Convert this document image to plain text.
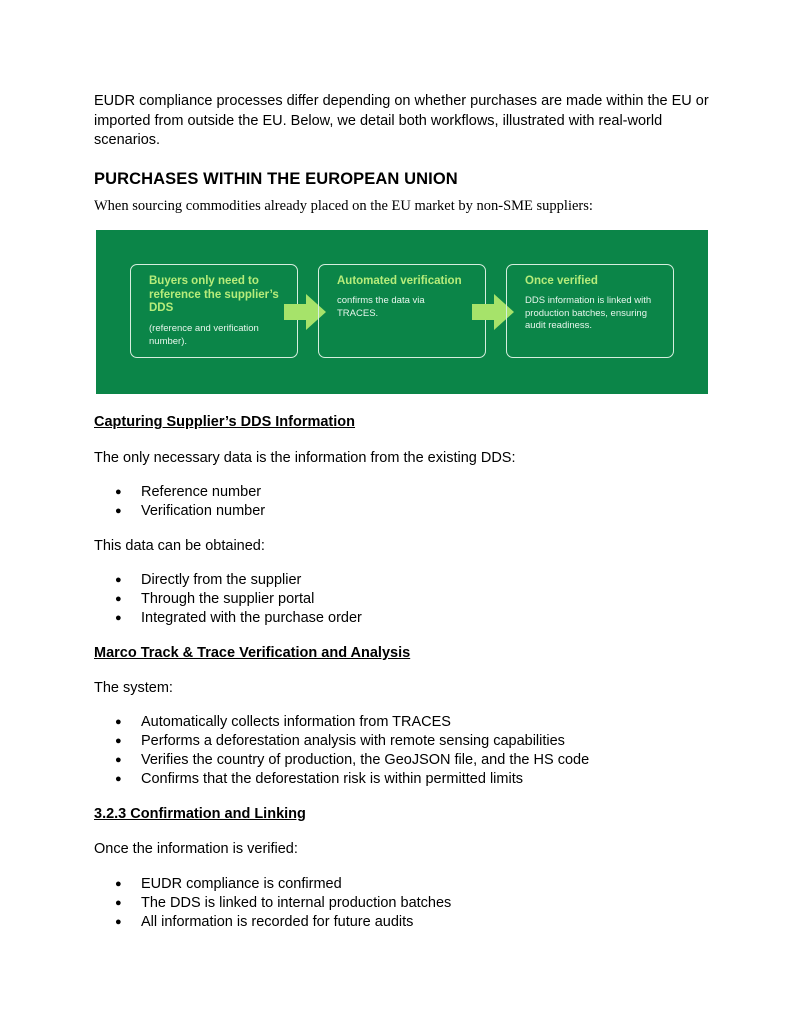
EUDR compliance processes differ depending on whether purchases are made within the EU or imported from outside the EU. Below, we detail both workflows, illustrated with real-world scenarios.
PURCHASES WITHIN THE EUROPEAN UNION
When sourcing commodities already placed on the EU market by non-SME suppliers:
Buyers only need to reference the supplier’s DDS
(reference and verification number).
Automated verification
confirms the data via TRACES.
Once verified
DDS information is linked with production batches, ensuring audit readiness.
Capturing Supplier’s DDS Information
The only necessary data is the information from the existing DDS:
● Reference number
● Verification number
This data can be obtained:
● Directly from the supplier
● Through the supplier portal
● Integrated with the purchase order
Marco Track & Trace Verification and Analysis
The system:
● Automatically collects information from TRACES
● Performs a deforestation analysis with remote sensing capabilities
● Verifies the country of production, the GeoJSON file, and the HS code
● Confirms that the deforestation risk is within permitted limits
3.2.3 Confirmation and Linking
Once the information is verified:
● EUDR compliance is confirmed
● The DDS is linked to internal production batches
● All information is recorded for future audits
